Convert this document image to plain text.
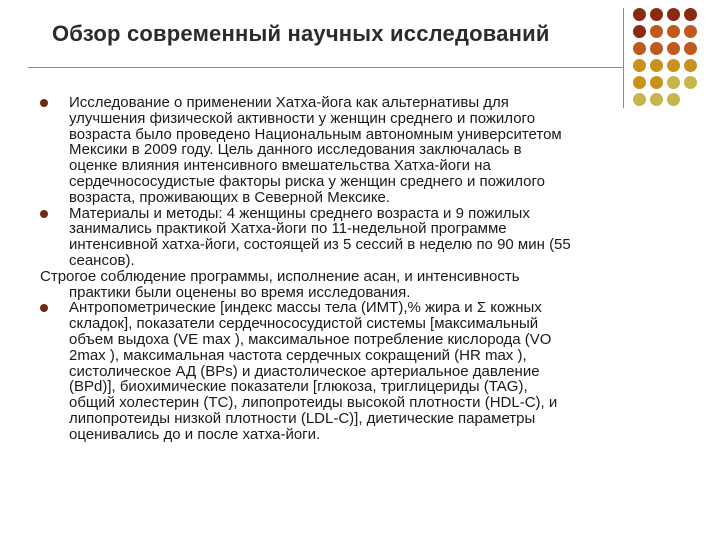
Обзор современный научных исследований
Исследование о применении Хатха-йога как альтернативы для
улучшения физической активности у женщин среднего и пожилого
возраста было проведено Национальным автономным университетом
Мексики в 2009 году. Цель данного исследования заключалась в
оценке влияния интенсивного вмешательства Хатха-йоги на
сердечнососудистые факторы риска у женщин среднего и пожилого
возраста, проживающих в Северной Мексике.
Материалы и методы: 4 женщины среднего возраста и 9 пожилых
занимались практикой Хатха-йоги по 11-недельной программе
интенсивной хатха-йоги, состоящей из 5 сессий в неделю по 90 мин (55
сеансов).
Строгое соблюдение программы, исполнение асан, и интенсивность
практики были оценены во время исследования.
Антропометрические [индекс массы тела (ИМТ),% жира и Σ кожных
складок], показатели сердечнососудистой системы [максимальный
объем выдоха (VE max ), максимальное потребление кислорода (VO
2max ), максимальная частота сердечных сокращений (HR max ),
систолическое АД (BPs) и диастолическое артериальное давление
(BPd)], биохимические показатели [глюкоза, триглицериды (TAG),
общий холестерин (TC), липопротеиды высокой плотности (HDL-C), и
липопротеиды низкой плотности (LDL-C)], диетические параметры
оценивались до и после хатха-йоги.
